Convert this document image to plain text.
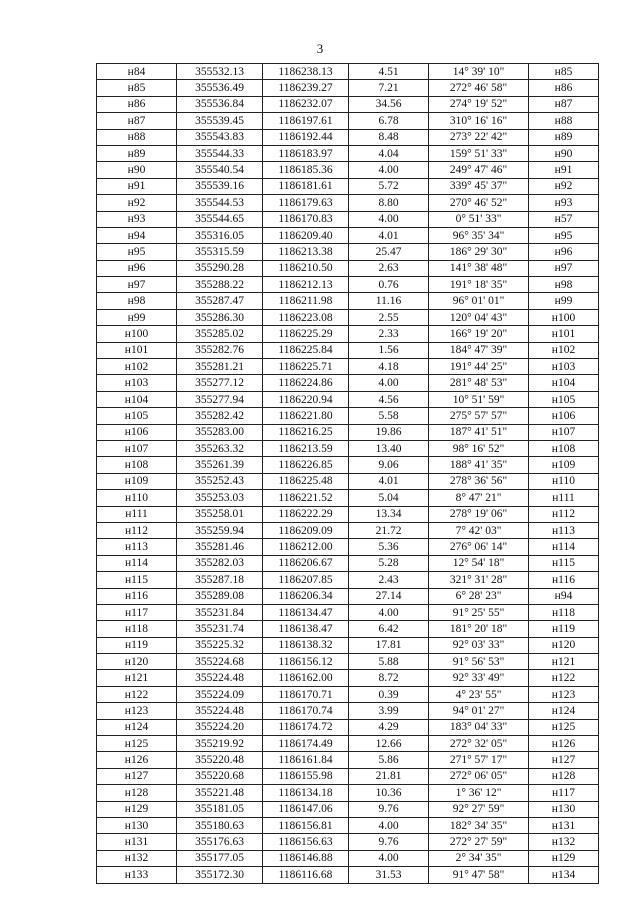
3
н84	355532.13	1186238.13	4.51	14° 39' 10"	н85
н85	355536.49	1186239.27	7.21	272° 46' 58"	н86
н86	355536.84	1186232.07	34.56	274° 19' 52"	н87
н87	355539.45	1186197.61	6.78	310° 16' 16"	н88
н88	355543.83	1186192.44	8.48	273° 22' 42"	н89
н89	355544.33	1186183.97	4.04	159° 51' 33"	н90
н90	355540.54	1186185.36	4.00	249° 47' 46"	н91
н91	355539.16	1186181.61	5.72	339° 45' 37"	н92
н92	355544.53	1186179.63	8.80	270° 46' 52"	н93
н93	355544.65	1186170.83	4.00	0° 51' 33"	н57
н94	355316.05	1186209.40	4.01	96° 35' 34"	н95
н95	355315.59	1186213.38	25.47	186° 29' 30"	н96
н96	355290.28	1186210.50	2.63	141° 38' 48"	н97
н97	355288.22	1186212.13	0.76	191° 18' 35"	н98
н98	355287.47	1186211.98	11.16	96° 01' 01"	н99
н99	355286.30	1186223.08	2.55	120° 04' 43"	н100
н100	355285.02	1186225.29	2.33	166° 19' 20"	н101
н101	355282.76	1186225.84	1.56	184° 47' 39"	н102
н102	355281.21	1186225.71	4.18	191° 44' 25"	н103
н103	355277.12	1186224.86	4.00	281° 48' 53"	н104
н104	355277.94	1186220.94	4.56	10° 51' 59"	н105
н105	355282.42	1186221.80	5.58	275° 57' 57"	н106
н106	355283.00	1186216.25	19.86	187° 41' 51"	н107
н107	355263.32	1186213.59	13.40	98° 16' 52"	н108
н108	355261.39	1186226.85	9.06	188° 41' 35"	н109
н109	355252.43	1186225.48	4.01	278° 36' 56"	н110
н110	355253.03	1186221.52	5.04	8° 47' 21"	н111
н111	355258.01	1186222.29	13.34	278° 19' 06"	н112
н112	355259.94	1186209.09	21.72	7° 42' 03"	н113
н113	355281.46	1186212.00	5.36	276° 06' 14"	н114
н114	355282.03	1186206.67	5.28	12° 54' 18"	н115
н115	355287.18	1186207.85	2.43	321° 31' 28"	н116
н116	355289.08	1186206.34	27.14	6° 28' 23"	н94
н117	355231.84	1186134.47	4.00	91° 25' 55"	н118
н118	355231.74	1186138.47	6.42	181° 20' 18"	н119
н119	355225.32	1186138.32	17.81	92° 03' 33"	н120
н120	355224.68	1186156.12	5.88	91° 56' 53"	н121
н121	355224.48	1186162.00	8.72	92° 33' 49"	н122
н122	355224.09	1186170.71	0.39	4° 23' 55"	н123
н123	355224.48	1186170.74	3.99	94° 01' 27"	н124
н124	355224.20	1186174.72	4.29	183° 04' 33"	н125
н125	355219.92	1186174.49	12.66	272° 32' 05"	н126
н126	355220.48	1186161.84	5.86	271° 57' 17"	н127
н127	355220.68	1186155.98	21.81	272° 06' 05"	н128
н128	355221.48	1186134.18	10.36	1° 36' 12"	н117
н129	355181.05	1186147.06	9.76	92° 27' 59"	н130
н130	355180.63	1186156.81	4.00	182° 34' 35"	н131
н131	355176.63	1186156.63	9.76	272° 27' 59"	н132
н132	355177.05	1186146.88	4.00	2° 34' 35"	н129
н133	355172.30	1186116.68	31.53	91° 47' 58"	н134
